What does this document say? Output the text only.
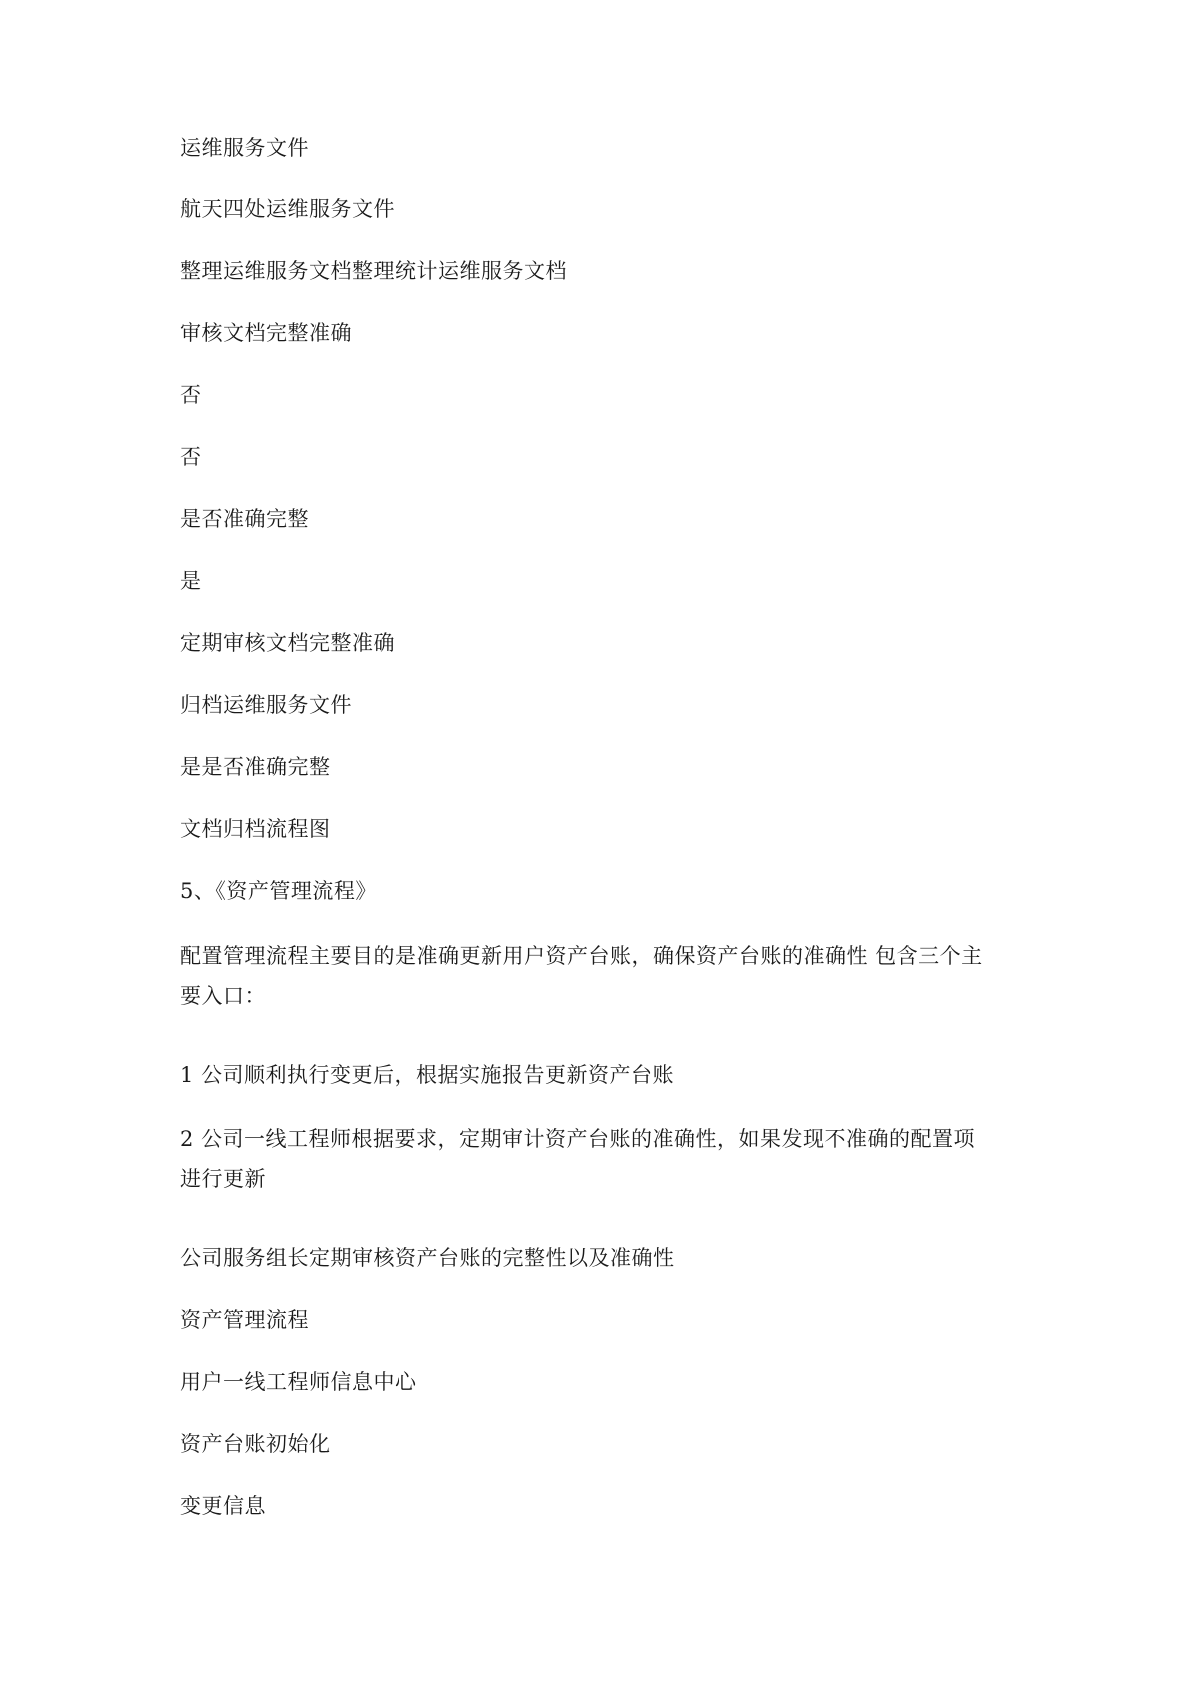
运维服务文件
航天四处运维服务文件
整理运维服务文档整理统计运维服务文档
审核文档完整准确
否
否
是否准确完整
是
定期审核文档完整准确
归档运维服务文件
是是否准确完整
文档归档流程图
5、《资产管理流程》
配置管理流程主要目的是准确更新用户资产台账，确保资产台账的准确性 包含三个主
要入口：
1 公司顺利执行变更后，根据实施报告更新资产台账
2 公司一线工程师根据要求，定期审计资产台账的准确性，如果发现不准确的配置项
进行更新
公司服务组长定期审核资产台账的完整性以及准确性
资产管理流程
用户一线工程师信息中心
资产台账初始化
变更信息
